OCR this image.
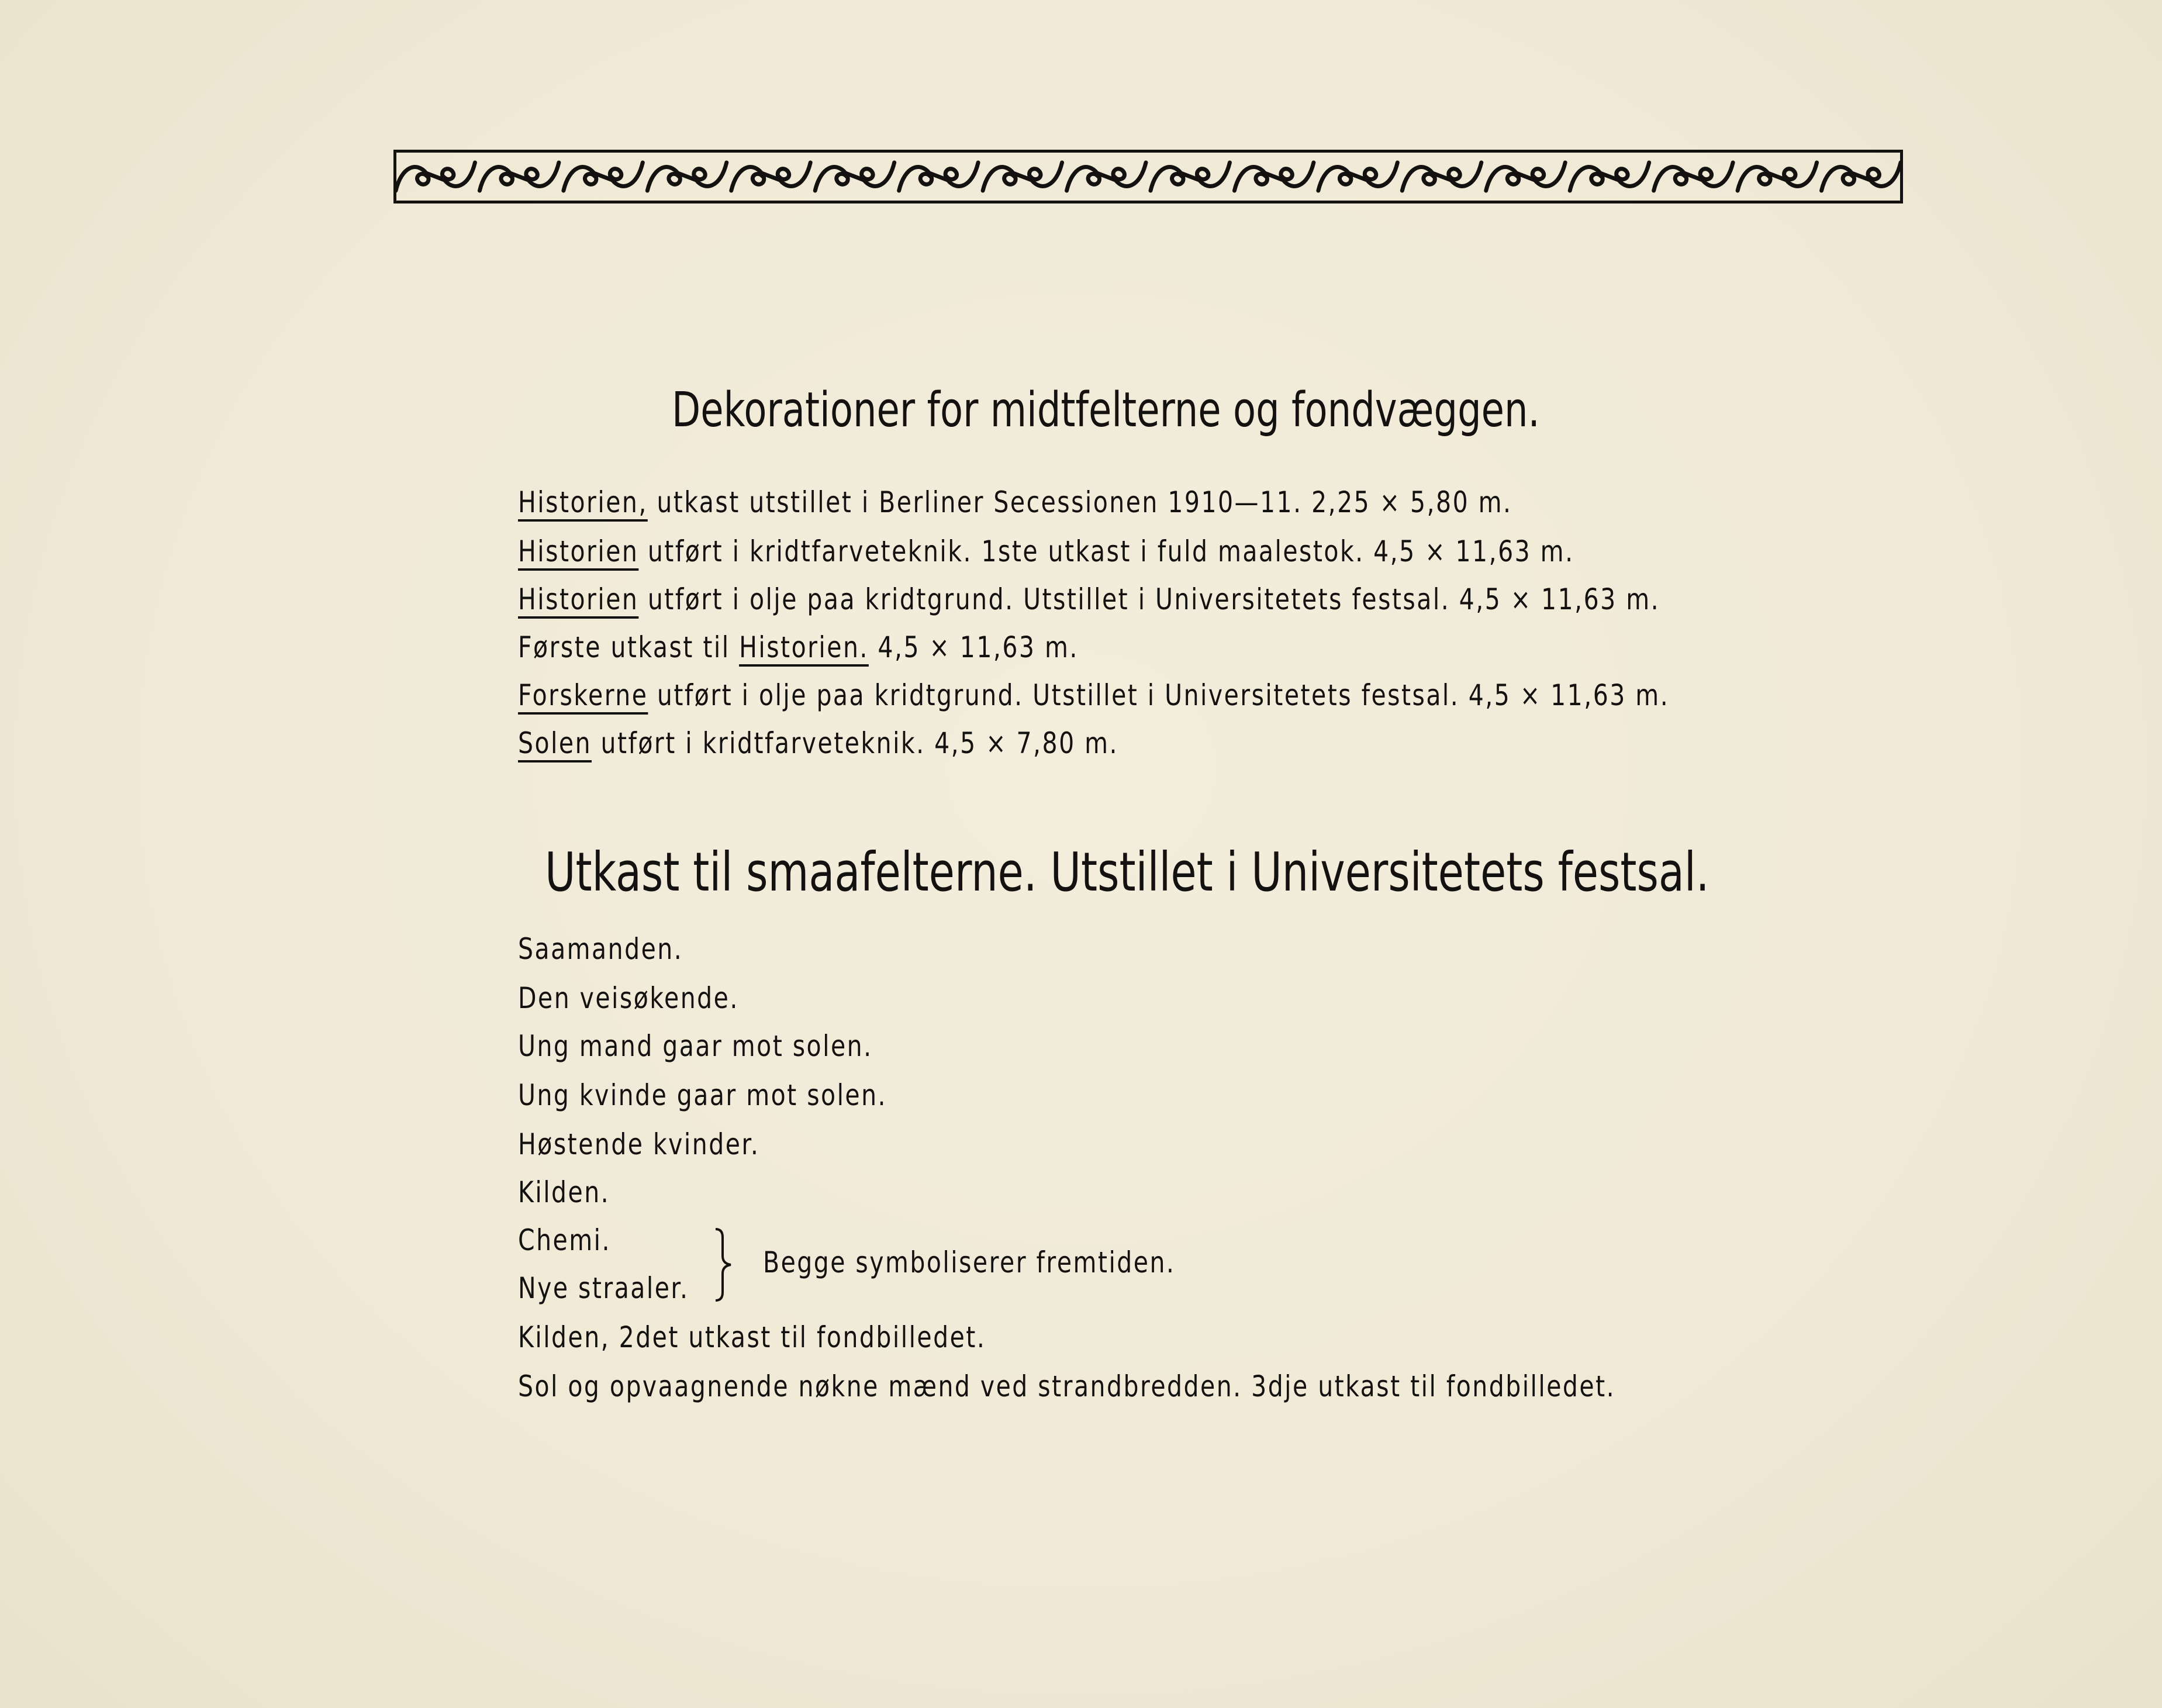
Dekorationer for midtfelterne og fondvæggen.
Historien, utkast utstillet i Berliner Secessionen 1910—11. 2,25 × 5,80 m.
Historien utført i kridtfarveteknik. 1ste utkast i fuld maalestok. 4,5 × 11,63 m.
Historien utført i olje paa kridtgrund. Utstillet i Universitetets festsal. 4,5 × 11,63 m.
Første utkast til Historien. 4,5 × 11,63 m.
Forskerne utført i olje paa kridtgrund. Utstillet i Universitetets festsal. 4,5 × 11,63 m.
Solen utført i kridtfarveteknik. 4,5 × 7,80 m.
Utkast til smaafelterne. Utstillet i Universitetets festsal.
Saamanden.
Den veisøkende.
Ung mand gaar mot solen.
Ung kvinde gaar mot solen.
Høstende kvinder.
Kilden.
Chemi.
Nye straaler.
Kilden, 2det utkast til fondbilledet.
Sol og opvaagnende nøkne mænd ved strandbredden. 3dje utkast til fondbilledet.
Begge symboliserer fremtiden.
